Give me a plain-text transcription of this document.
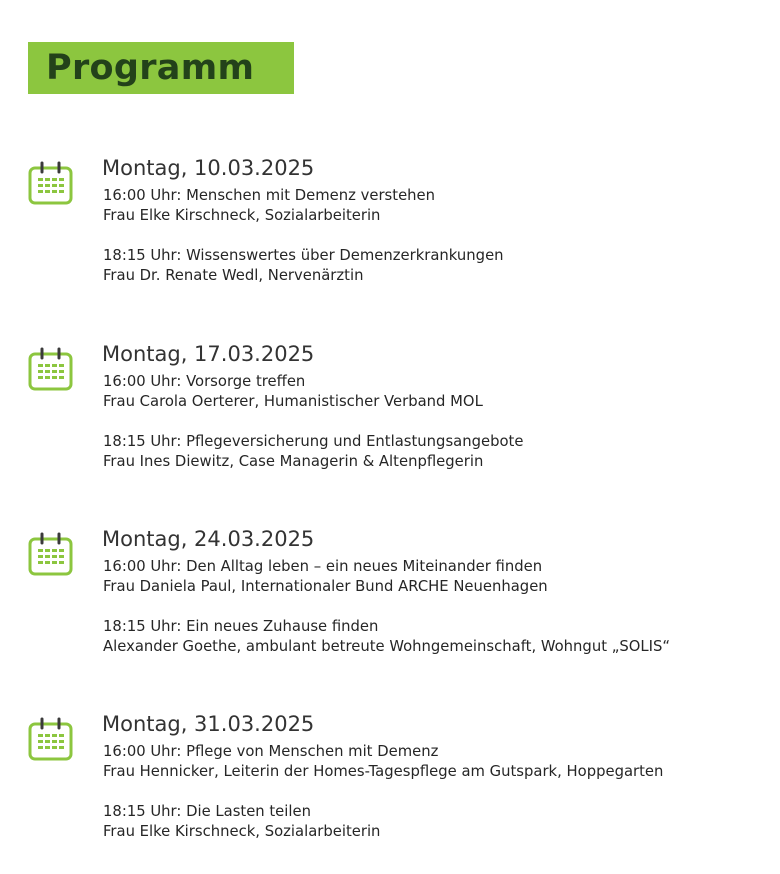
Programm
Montag, 10.03.2025
16:00 Uhr: Menschen mit Demenz verstehen
Frau Elke Kirschneck, Sozialarbeiterin
18:15 Uhr: Wissenswertes über Demenzerkrankungen
Frau Dr. Renate Wedl, Nervenärztin
Montag, 17.03.2025
16:00 Uhr: Vorsorge treffen
Frau Carola Oerterer, Humanistischer Verband MOL
18:15 Uhr: Pflegeversicherung und Entlastungsangebote
Frau Ines Diewitz, Case Managerin & Altenpflegerin
Montag, 24.03.2025
16:00 Uhr: Den Alltag leben – ein neues Miteinander finden
Frau Daniela Paul, Internationaler Bund ARCHE Neuenhagen
18:15 Uhr: Ein neues Zuhause finden
Alexander Goethe, ambulant betreute Wohngemeinschaft, Wohngut „SOLIS“
Montag, 31.03.2025
16:00 Uhr: Pflege von Menschen mit Demenz
Frau Hennicker, Leiterin der Homes-Tagespflege am Gutspark, Hoppegarten
18:15 Uhr: Die Lasten teilen
Frau Elke Kirschneck, Sozialarbeiterin
